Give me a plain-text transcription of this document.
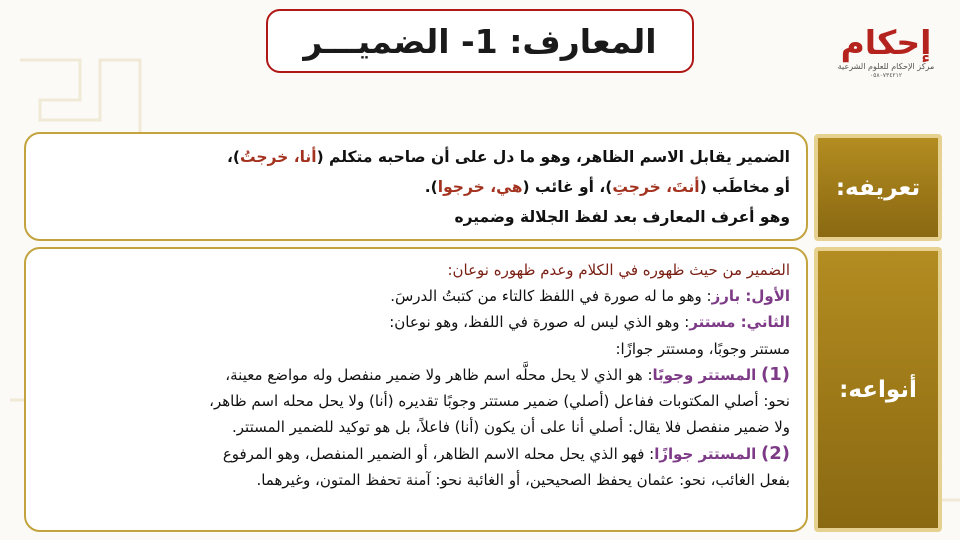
المعارف: 1- الضميـــر	إحكام
مركز الإحكام للعلوم الشرعية
٠٥٨٠٧٣٤٢١٢
الضمير يقابل الاسم الظاهر، وهو ما دل على أن صاحبه متكلم (أنا، خرجتُ)،
أو مخاطَب (أنتَ، خرجتِ)، أو غائب (هي، خرجوا).
وهو أعرف المعارف بعد لفظ الجلالة وضميره
تعريفه:
الضمير من حيث ظهوره في الكلام وعدم ظهوره نوعان:
الأول: بارز: وهو ما له صورة في اللفظ كالتاء من كتبتُ الدرسَ.
الثاني: مستتر: وهو الذي ليس له صورة في اللفظ، وهو نوعان:
مستتر وجوبًا، ومستتر جوازًا:
(1) المستتر وجوبًا: هو الذي لا يحل محلَّه اسم ظاهر ولا ضمير منفصل وله مواضع معينة،
نحو: أصلي المكتوبات ففاعل (أصلي) ضمير مستتر وجوبًا تقديره (أنا) ولا يحل محله اسم ظاهر،
ولا ضمير منفصل فلا يقال: أصلي أنا على أن يكون (أنا) فاعلاً، بل هو توكيد للضمير المستتر.
(2) المستتر جوازًا: فهو الذي يحل محله الاسم الظاهر، أو الضمير المنفصل، وهو المرفوع
بفعل الغائب، نحو: عثمان يحفظ الصحيحين، أو الغائبة نحو: آمنة تحفظ المتون، وغيرهما.
أنواعه:
